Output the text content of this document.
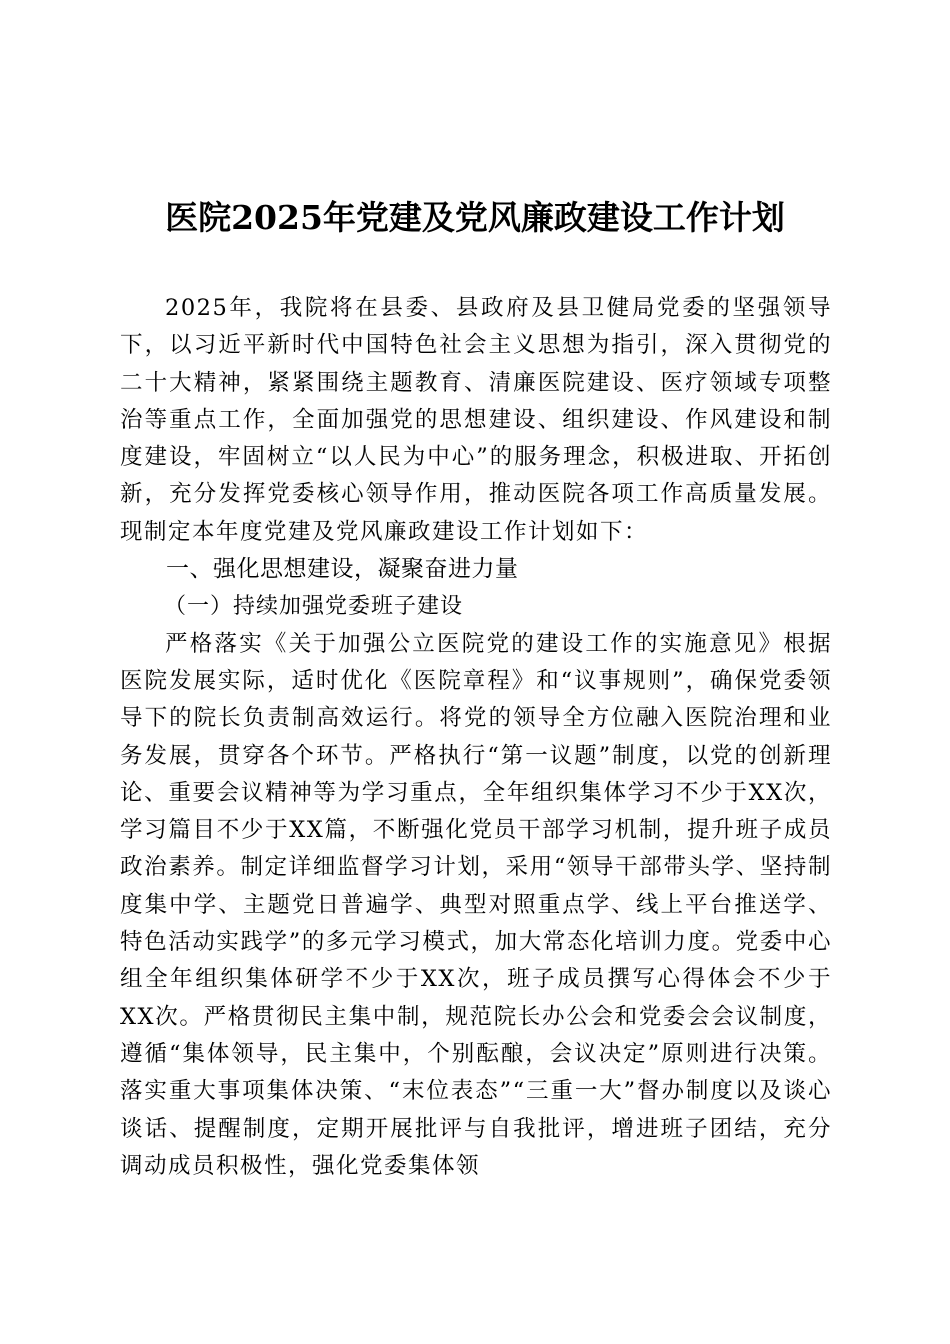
医院2025年党建及党风廉政建设工作计划

2025年，我院将在县委、县政府及县卫健局党委的坚强领导下，以习近平新时代中国特色社会主义思想为指引，深入贯彻党的二十大精神，紧紧围绕主题教育、清廉医院建设、医疗领域专项整治等重点工作，全面加强党的思想建设、组织建设、作风建设和制度建设，牢固树立“以人民为中心”的服务理念，积极进取、开拓创新，充分发挥党委核心领导作用，推动医院各项工作高质量发展。现制定本年度党建及党风廉政建设工作计划如下：

一、强化思想建设，凝聚奋进力量

（一）持续加强党委班子建设

严格落实《关于加强公立医院党的建设工作的实施意见》根据医院发展实际，适时优化《医院章程》和“议事规则”，确保党委领导下的院长负责制高效运行。将党的领导全方位融入医院治理和业务发展，贯穿各个环节。严格执行“第一议题”制度，以党的创新理论、重要会议精神等为学习重点，全年组织集体学习不少于XX次，学习篇目不少于XX篇，不断强化党员干部学习机制，提升班子成员政治素养。制定详细监督学习计划，采用“领导干部带头学、坚持制度集中学、主题党日普遍学、典型对照重点学、线上平台推送学、特色活动实践学”的多元学习模式，加大常态化培训力度。党委中心组全年组织集体研学不少于XX次，班子成员撰写心得体会不少于XX次。严格贯彻民主集中制，规范院长办公会和党委会会议制度，遵循“集体领导，民主集中，个别酝酿，会议决定”原则进行决策。落实重大事项集体决策、“末位表态”“三重一大”督办制度以及谈心谈话、提醒制度，定期开展批评与自我批评，增进班子团结，充分调动成员积极性，强化党委集体领
